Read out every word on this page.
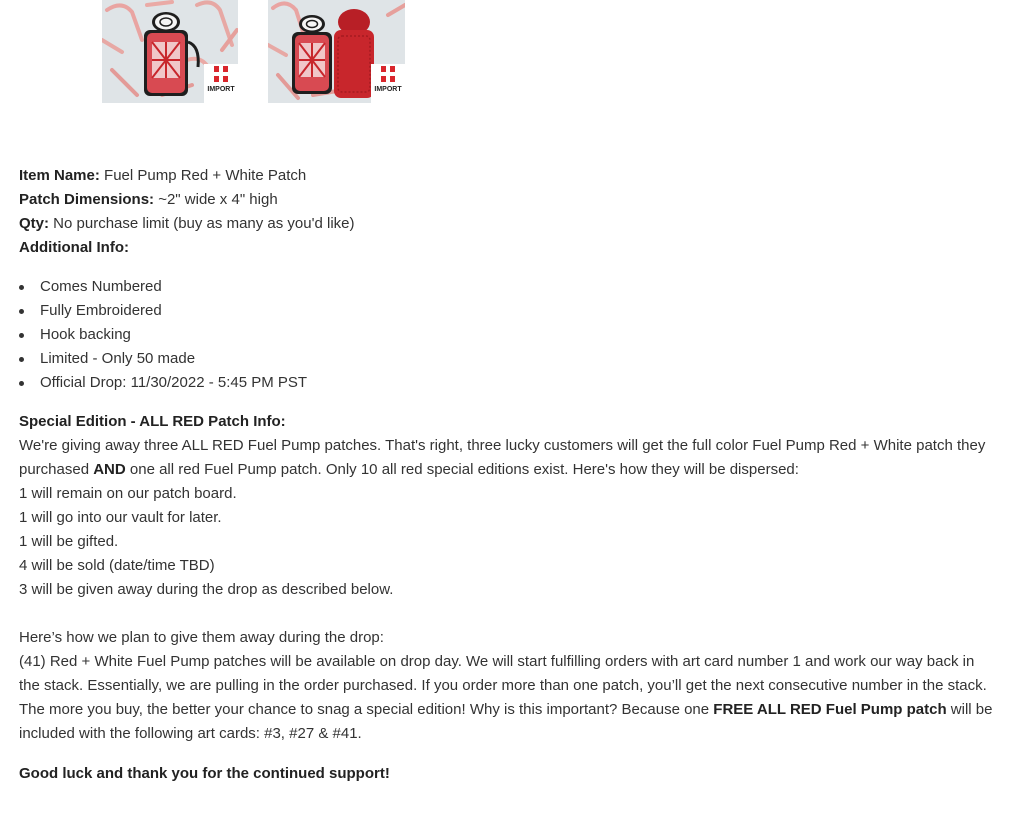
IMPORT	IMPORT

Item Name: Fuel Pump Red + White Patch

Patch Dimensions: ~2" wide x 4" high

Qty: No purchase limit (buy as many as you'd like)

Additional Info:

Comes Numbered
Fully Embroidered
Hook backing
Limited - Only 50 made
Official Drop: 11/30/2022 - 5:45 PM PST

Special Edition - ALL RED Patch Info:

We're giving away three ALL RED Fuel Pump patches. That's right, three lucky customers will get the full color Fuel Pump Red + White patch they purchased AND one all red Fuel Pump patch. Only 10 all red special editions exist. Here's how they will be dispersed:

1 will remain on our patch board.

1 will go into our vault for later.

1 will be gifted.

4 will be sold (date/time TBD)

3 will be given away during the drop as described below.

Here’s how we plan to give them away during the drop:

(41) Red + White Fuel Pump patches will be available on drop day. We will start fulfilling orders with art card number 1 and work our way back in the stack. Essentially, we are pulling in the order purchased. If you order more than one patch, you’ll get the next consecutive number in the stack. The more you buy, the better your chance to snag a special edition! Why is this important? Because one FREE ALL RED Fuel Pump patch will be included with the following art cards: #3, #27 & #41.

Good luck and thank you for the continued support!
